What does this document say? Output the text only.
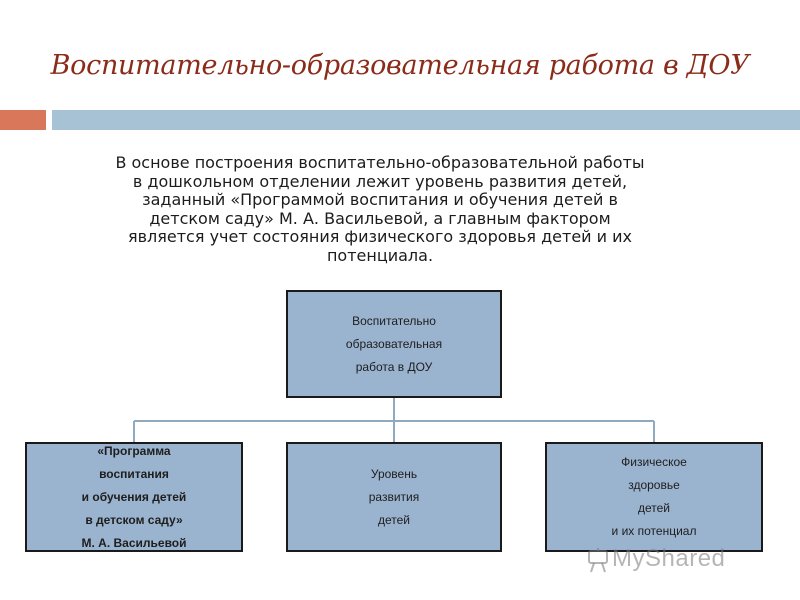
Воспитательно-образовательная работа в ДОУ
В основе построения воспитательно-образовательной работы
в дошкольном отделении лежит уровень развития детей,
заданный «Программой воспитания и обучения детей в
детском саду» М. А. Васильевой, а главным фактором
является учет состояния физического здоровья детей и их
потенциала.
Воспитательно
образовательная
работа в ДОУ
«Программа
воспитания
и обучения детей
в детском саду»
М. А. Васильевой
Уровень
развития
детей
Физическое
здоровье
детей
и их потенциал
MyShared
